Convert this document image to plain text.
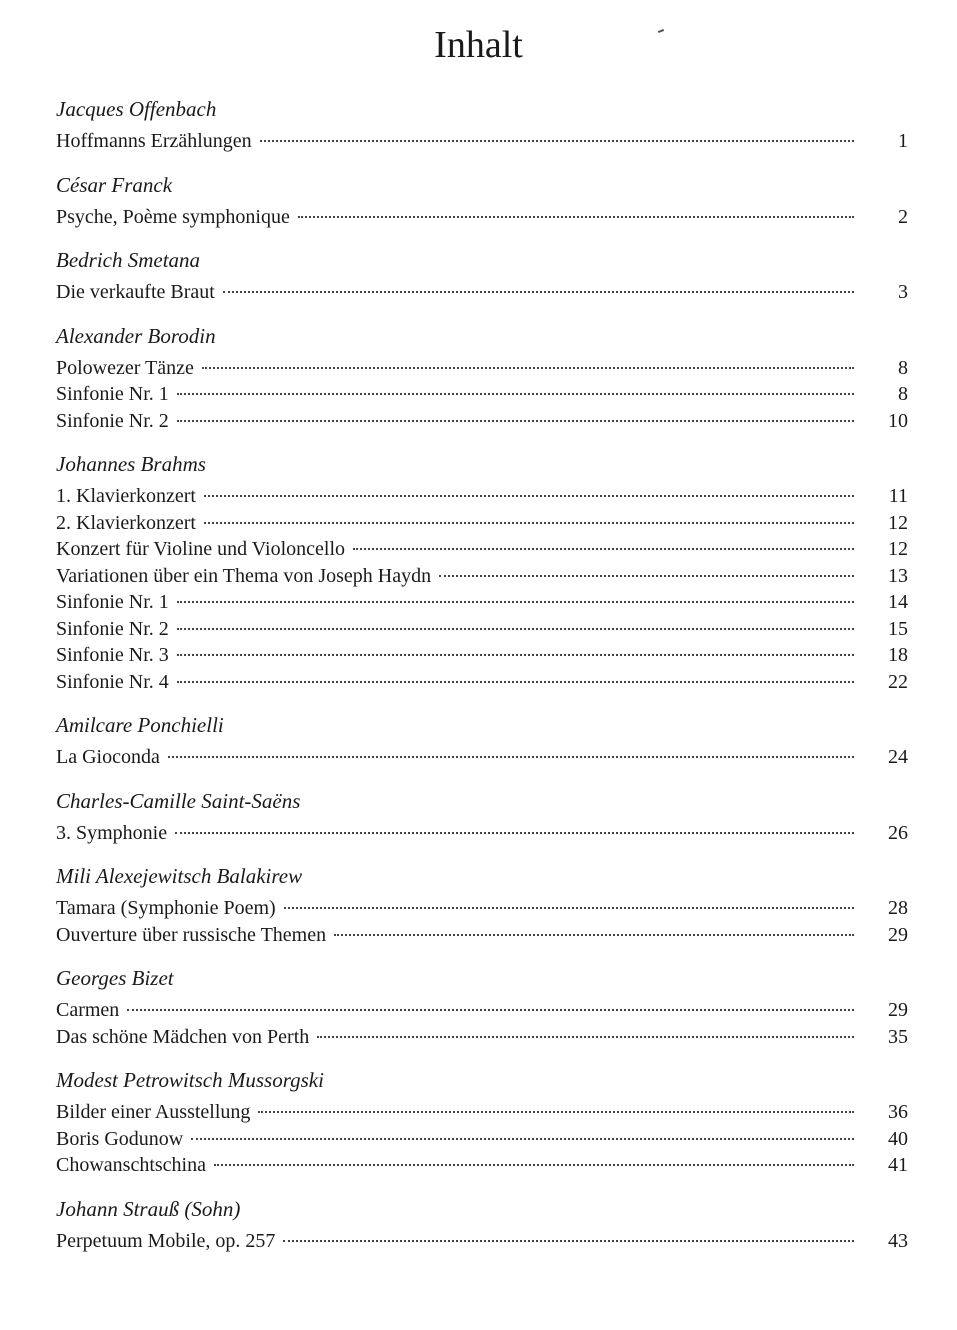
Inhalt
Jacques Offenbach
Hoffmanns Erzählungen	1
César Franck
Psyche, Poème symphonique	2
Bedrich Smetana
Die verkaufte Braut	3
Alexander Borodin
Polowezer Tänze	8
Sinfonie Nr. 1	8
Sinfonie Nr. 2	10
Johannes Brahms
1. Klavierkonzert	11
2. Klavierkonzert	12
Konzert für Violine und Violoncello	12
Variationen über ein Thema von Joseph Haydn	13
Sinfonie Nr. 1	14
Sinfonie Nr. 2	15
Sinfonie Nr. 3	18
Sinfonie Nr. 4	22
Amilcare Ponchielli
La Gioconda	24
Charles-Camille Saint-Saëns
3. Symphonie	26
Mili Alexejewitsch Balakirew
Tamara (Symphonie Poem)	28
Ouverture über russische Themen	29
Georges Bizet
Carmen	29
Das schöne Mädchen von Perth	35
Modest Petrowitsch Mussorgski
Bilder einer Ausstellung	36
Boris Godunow	40
Chowanschtschina	41
Johann Strauß (Sohn)
Perpetuum Mobile, op. 257	43
